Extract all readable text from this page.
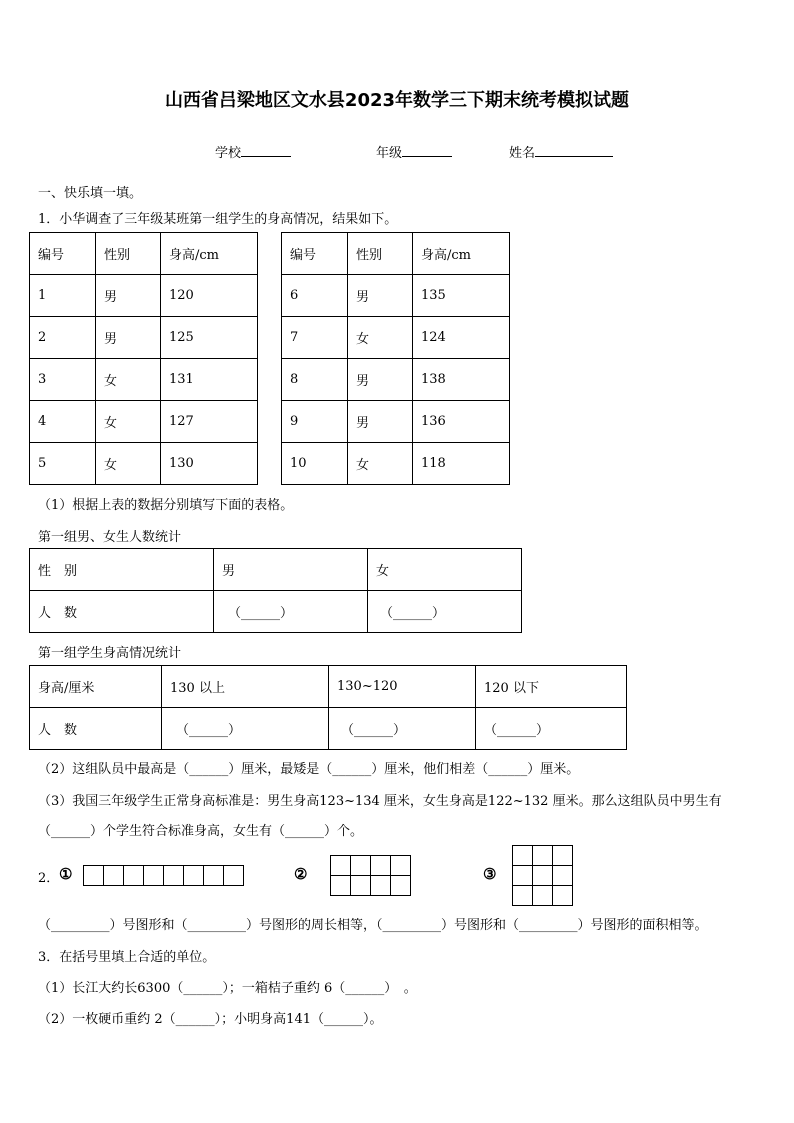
山西省吕梁地区文水县2023年数学三下期末统考模拟试题
学校	年级	姓名
一、快乐填一填。
1．小华调查了三年级某班第一组学生的身高情况，结果如下。
编号	性别	身高/cm
1	男	120
2	男	125
3	女	131
4	女	127
5	女	130
编号	性别	身高/cm
6	男	135
7	女	124
8	男	138
9	男	136
10	女	118
（1）根据上表的数据分别填写下面的表格。
第一组男、女生人数统计
性　别	男	女
人　数	（______）	（______）
第一组学生身高情况统计
身高/厘米	130 以上	130~120	120 以下
人　数	（______）	（______）	（______）
（2）这组队员中最高是（______）厘米，最矮是（______）厘米，他们相差（______）厘米。
（3）我国三年级学生正常身高标准是：男生身高123~134 厘米，女生身高是122~132 厘米。那么这组队员中男生有
（______）个学生符合标准身高，女生有（______）个。
2． ①	②	③
（_________）号图形和（_________）号图形的周长相等，（_________）号图形和（_________）号图形的面积相等。
3．在括号里填上合适的单位。
（1）长江大约长6300（______）；一箱桔子重约 6（______）　。
（2）一枚硬币重约 2（______）；小明身高141（______）。
